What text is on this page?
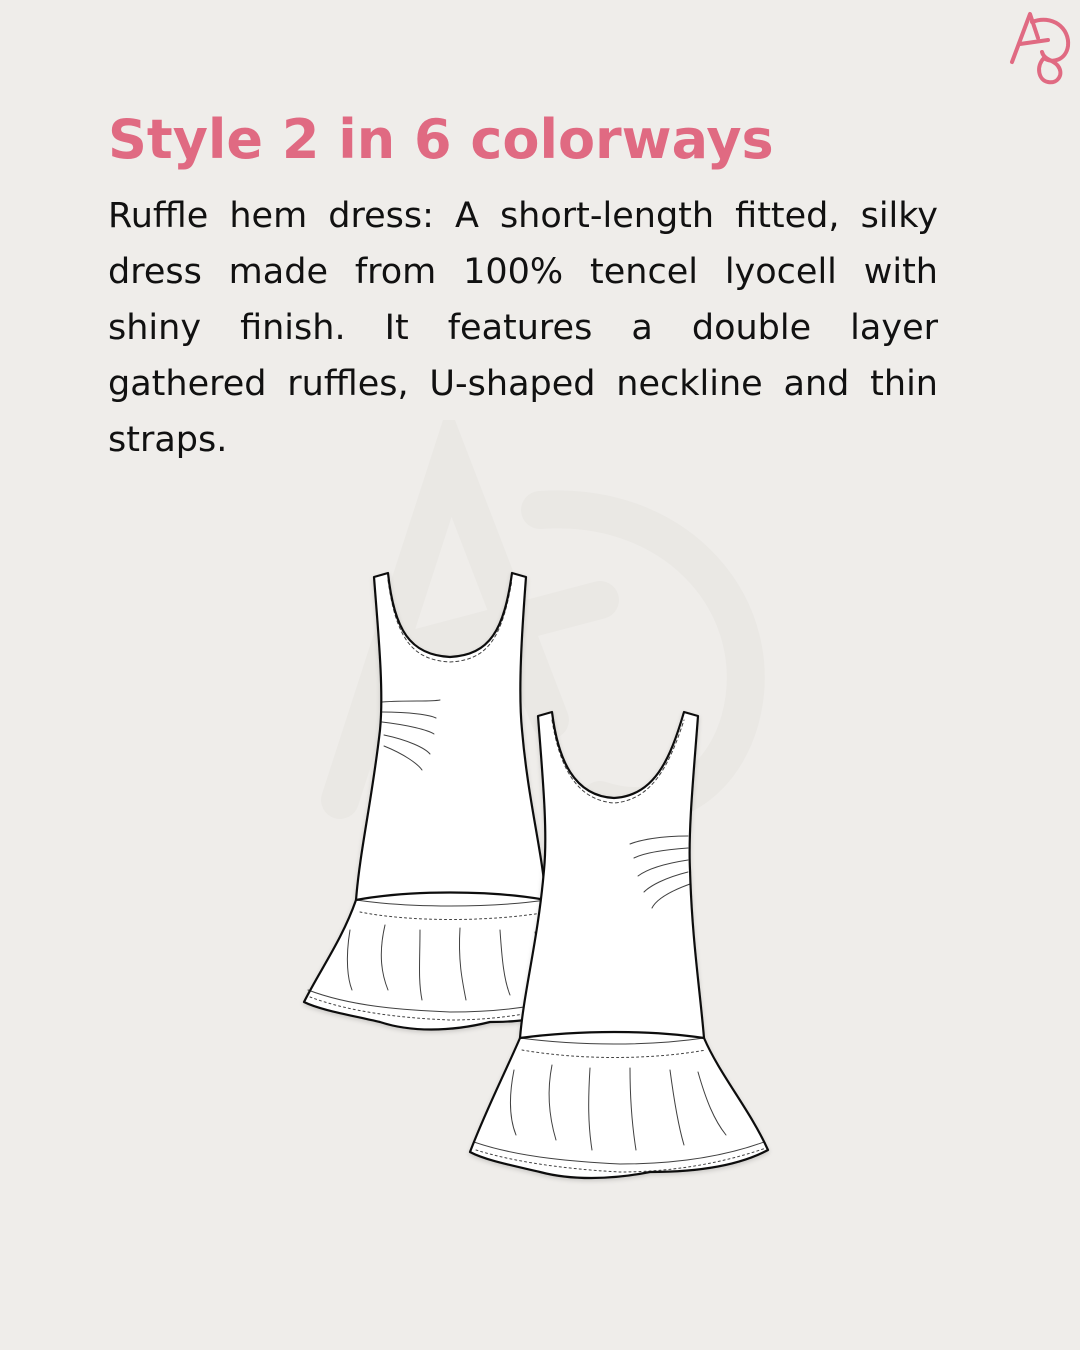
Style 2 in 6 colorways

Ruffle hem dress: A short-length fitted, silky dress made from 100% tencel lyocell with shiny finish. It features a double layer gathered ruffles, U-shaped neckline and thin straps.
